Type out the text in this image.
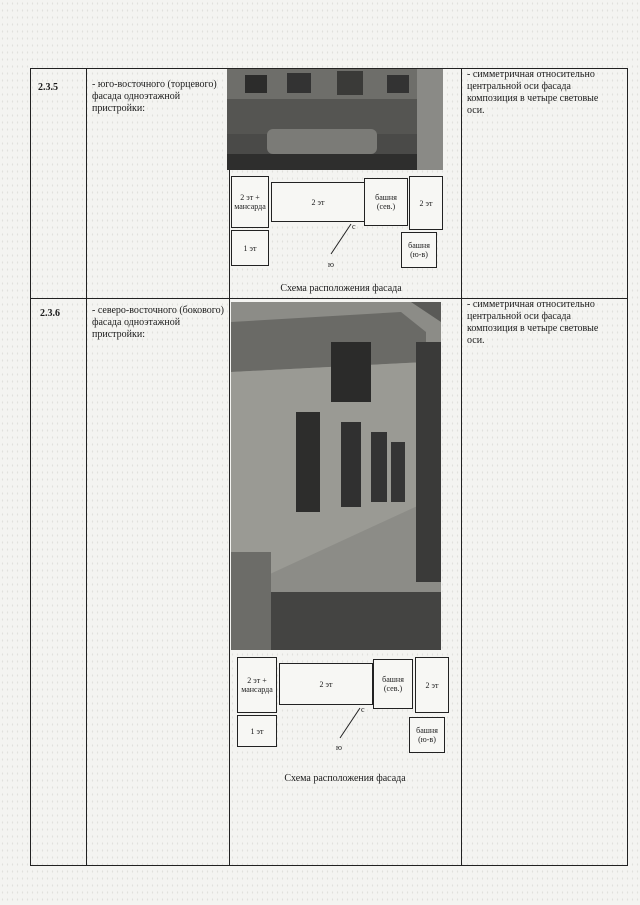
2.3.5	- юго-восточного (торцевого) фасада одноэтажной пристройки:
- симметричная относительно центральной оси фасада композиция в четыре световые оси.
2 эт + мансарда
1 эт
2 эт	башня (сев.)	2 эт
башня (ю-в)
с
ю
Схема расположения фасада
2.3.6	- северо-восточного (бокового) фасада одноэтажной пристройки:
- симметричная относительно центральной оси фасада композиция в четыре световые оси.
2 эт + мансарда
1 эт
2 эт	башня (сев.)	2 эт
башня (ю-в)
с
ю
Схема расположения фасада
